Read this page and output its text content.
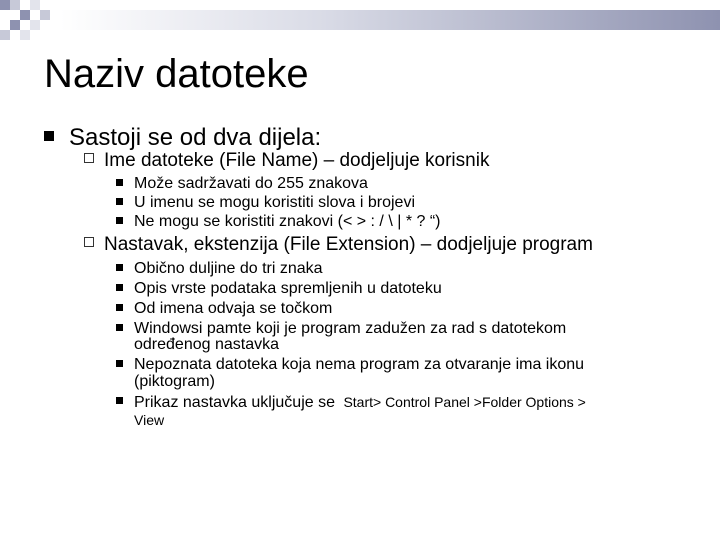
Naziv datoteke
Sastoji se od dva dijela:
Ime datoteke (File Name) – dodjeljuje korisnik
Može sadržavati do 255 znakova
U imenu se mogu koristiti slova i brojevi
Ne mogu se koristiti znakovi (< > : / \ | * ? “)
Nastavak, ekstenzija (File Extension) – dodjeljuje program
Obično duljine do tri znaka
Opis vrste podataka spremljenih u datoteku
Od imena odvaja se točkom
Windowsi pamte koji je program zadužen za rad s datotekom
određenog nastavka
Nepoznata datoteka koja nema program za otvaranje ima ikonu
(piktogram)
Prikaz nastavka uključuje se Start> Control Panel >Folder Options >
View
